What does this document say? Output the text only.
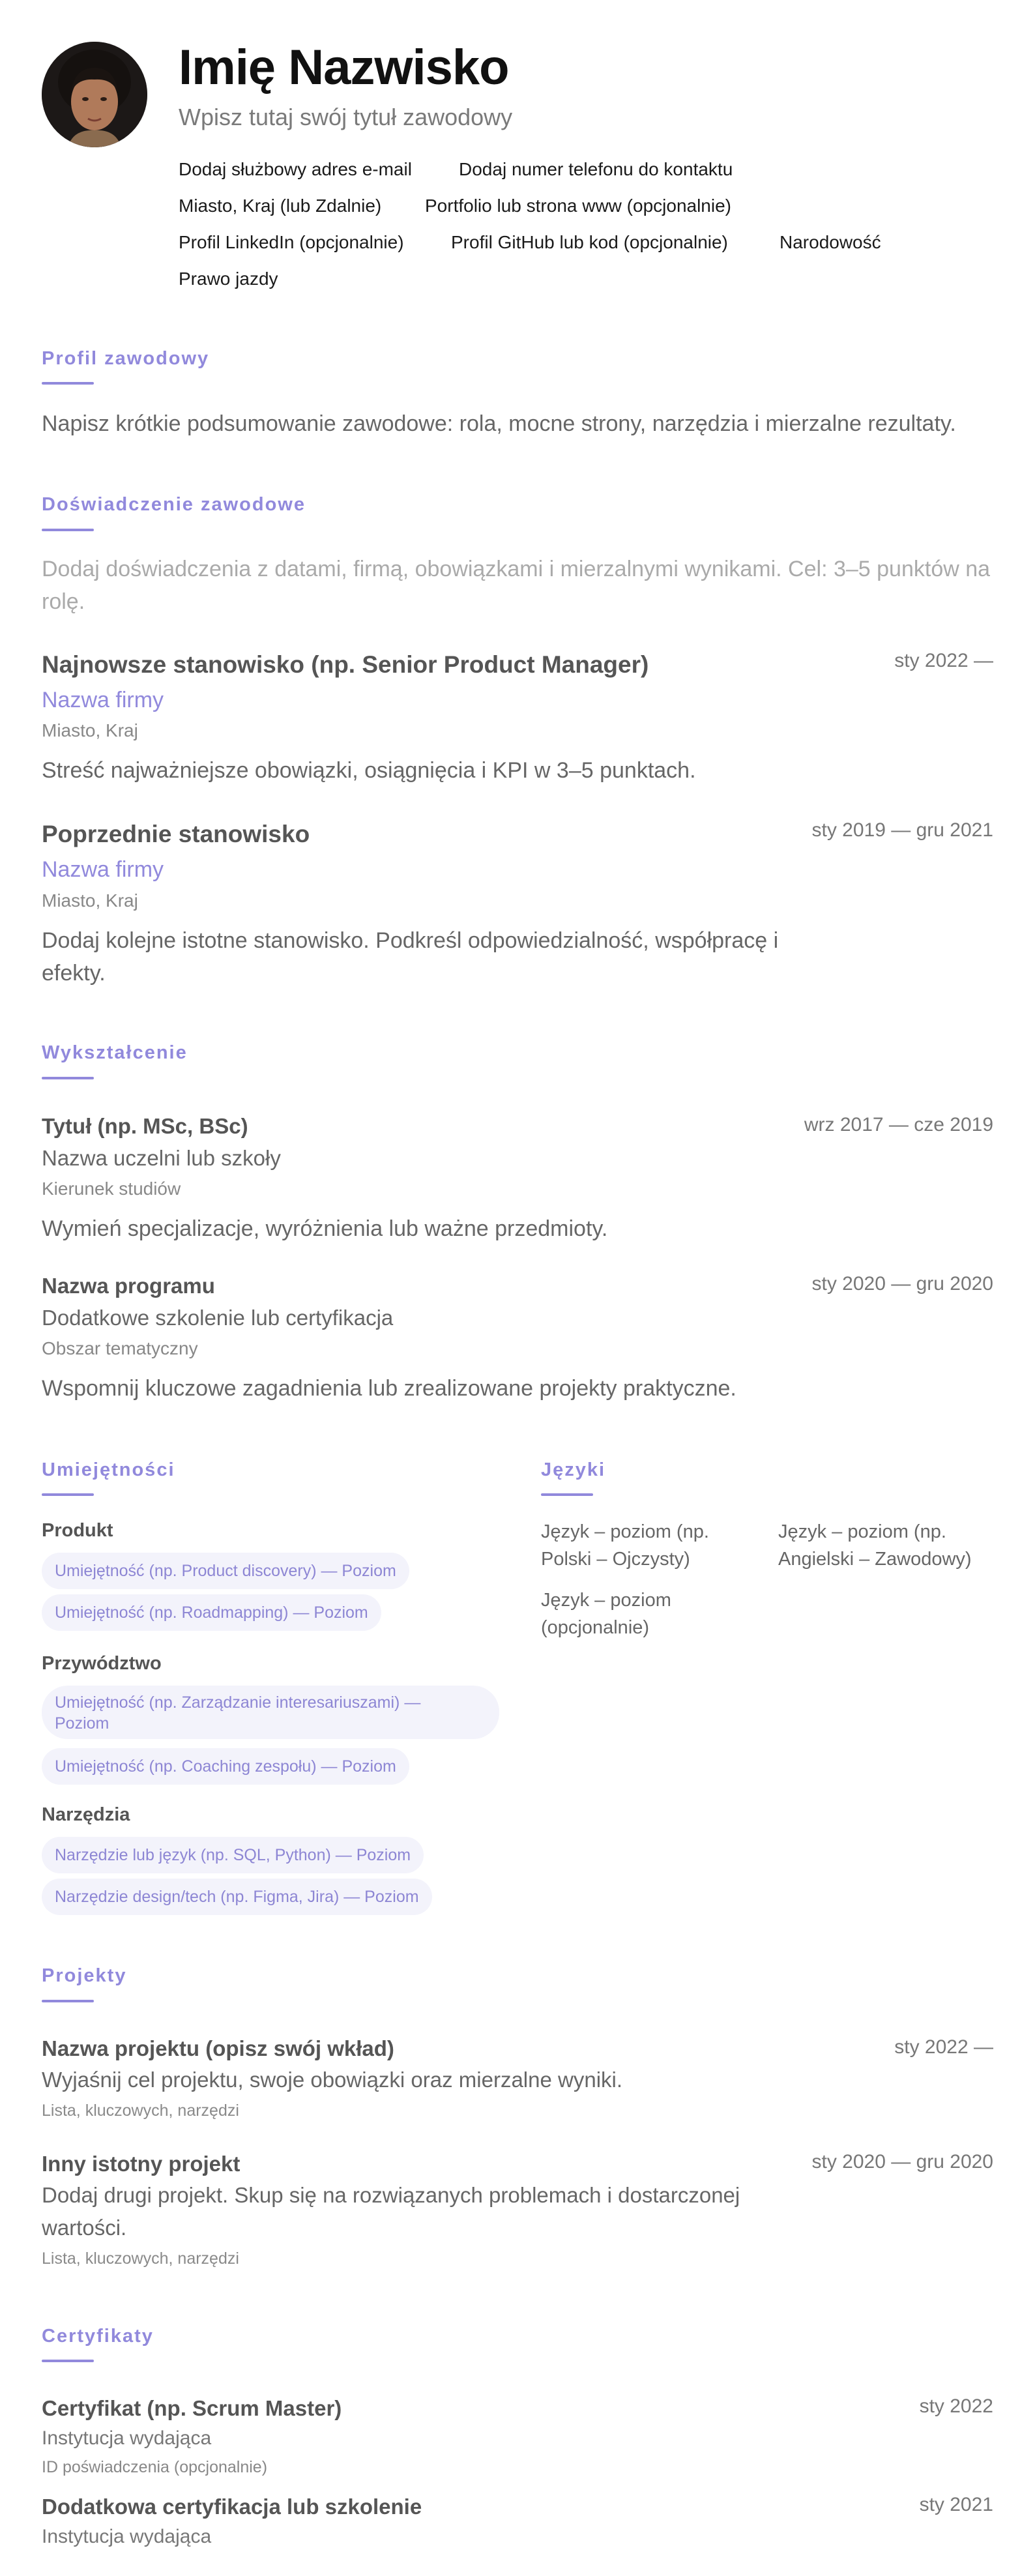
Imię Nazwisko
Wpisz tutaj swój tytuł zawodowy
Dodaj służbowy adres e-mail	Dodaj numer telefonu do kontaktu
Miasto, Kraj (lub Zdalnie) Portfolio lub strona www (opcjonalnie)
Profil LinkedIn (opcjonalnie)	Profil GitHub lub kod (opcjonalnie)	Narodowość
Prawo jazdy
Profil zawodowy
Napisz krótkie podsumowanie zawodowe: rola, mocne strony, narzędzia i mierzalne rezultaty.
Doświadczenie zawodowe
Dodaj doświadczenia z datami, firmą, obowiązkami i mierzalnymi wynikami. Cel: 3–5 punktów na
rolę.
Najnowsze stanowisko (np. Senior Product Manager)	sty 2022 —
Nazwa firmy
Miasto, Kraj
Streść najważniejsze obowiązki, osiągnięcia i KPI w 3–5 punktach.
Poprzednie stanowisko	sty 2019 — gru 2021
Nazwa firmy
Miasto, Kraj
Dodaj kolejne istotne stanowisko. Podkreśl odpowiedzialność, współpracę i
efekty.
Wykształcenie
Tytuł (np. MSc, BSc)	wrz 2017 — cze 2019
Nazwa uczelni lub szkoły
Kierunek studiów
Wymień specjalizacje, wyróżnienia lub ważne przedmioty.
Nazwa programu	sty 2020 — gru 2020
Dodatkowe szkolenie lub certyfikacja
Obszar tematyczny
Wspomnij kluczowe zagadnienia lub zrealizowane projekty praktyczne.
Umiejętności
Produkt
Umiejętność (np. Product discovery) — Poziom
Umiejętność (np. Roadmapping) — Poziom
Przywództwo
Umiejętność (np. Zarządzanie interesariuszami) —
Poziom
Umiejętność (np. Coaching zespołu) — Poziom
Narzędzia
Narzędzie lub język (np. SQL, Python) — Poziom
Narzędzie design/tech (np. Figma, Jira) — Poziom
Języki
Język – poziom (np.
Polski – Ojczysty)
Język – poziom (np.
Angielski – Zawodowy)
Język – poziom
(opcjonalnie)
Projekty
Nazwa projektu (opisz swój wkład)	sty 2022 —
Wyjaśnij cel projektu, swoje obowiązki oraz mierzalne wyniki.
Lista, kluczowych, narzędzi
Inny istotny projekt	sty 2020 — gru 2020
Dodaj drugi projekt. Skup się na rozwiązanych problemach i dostarczonej
wartości.
Lista, kluczowych, narzędzi
Certyfikaty
Certyfikat (np. Scrum Master)	sty 2022
Instytucja wydająca
ID poświadczenia (opcjonalnie)
Dodatkowa certyfikacja lub szkolenie	sty 2021
Instytucja wydająca
